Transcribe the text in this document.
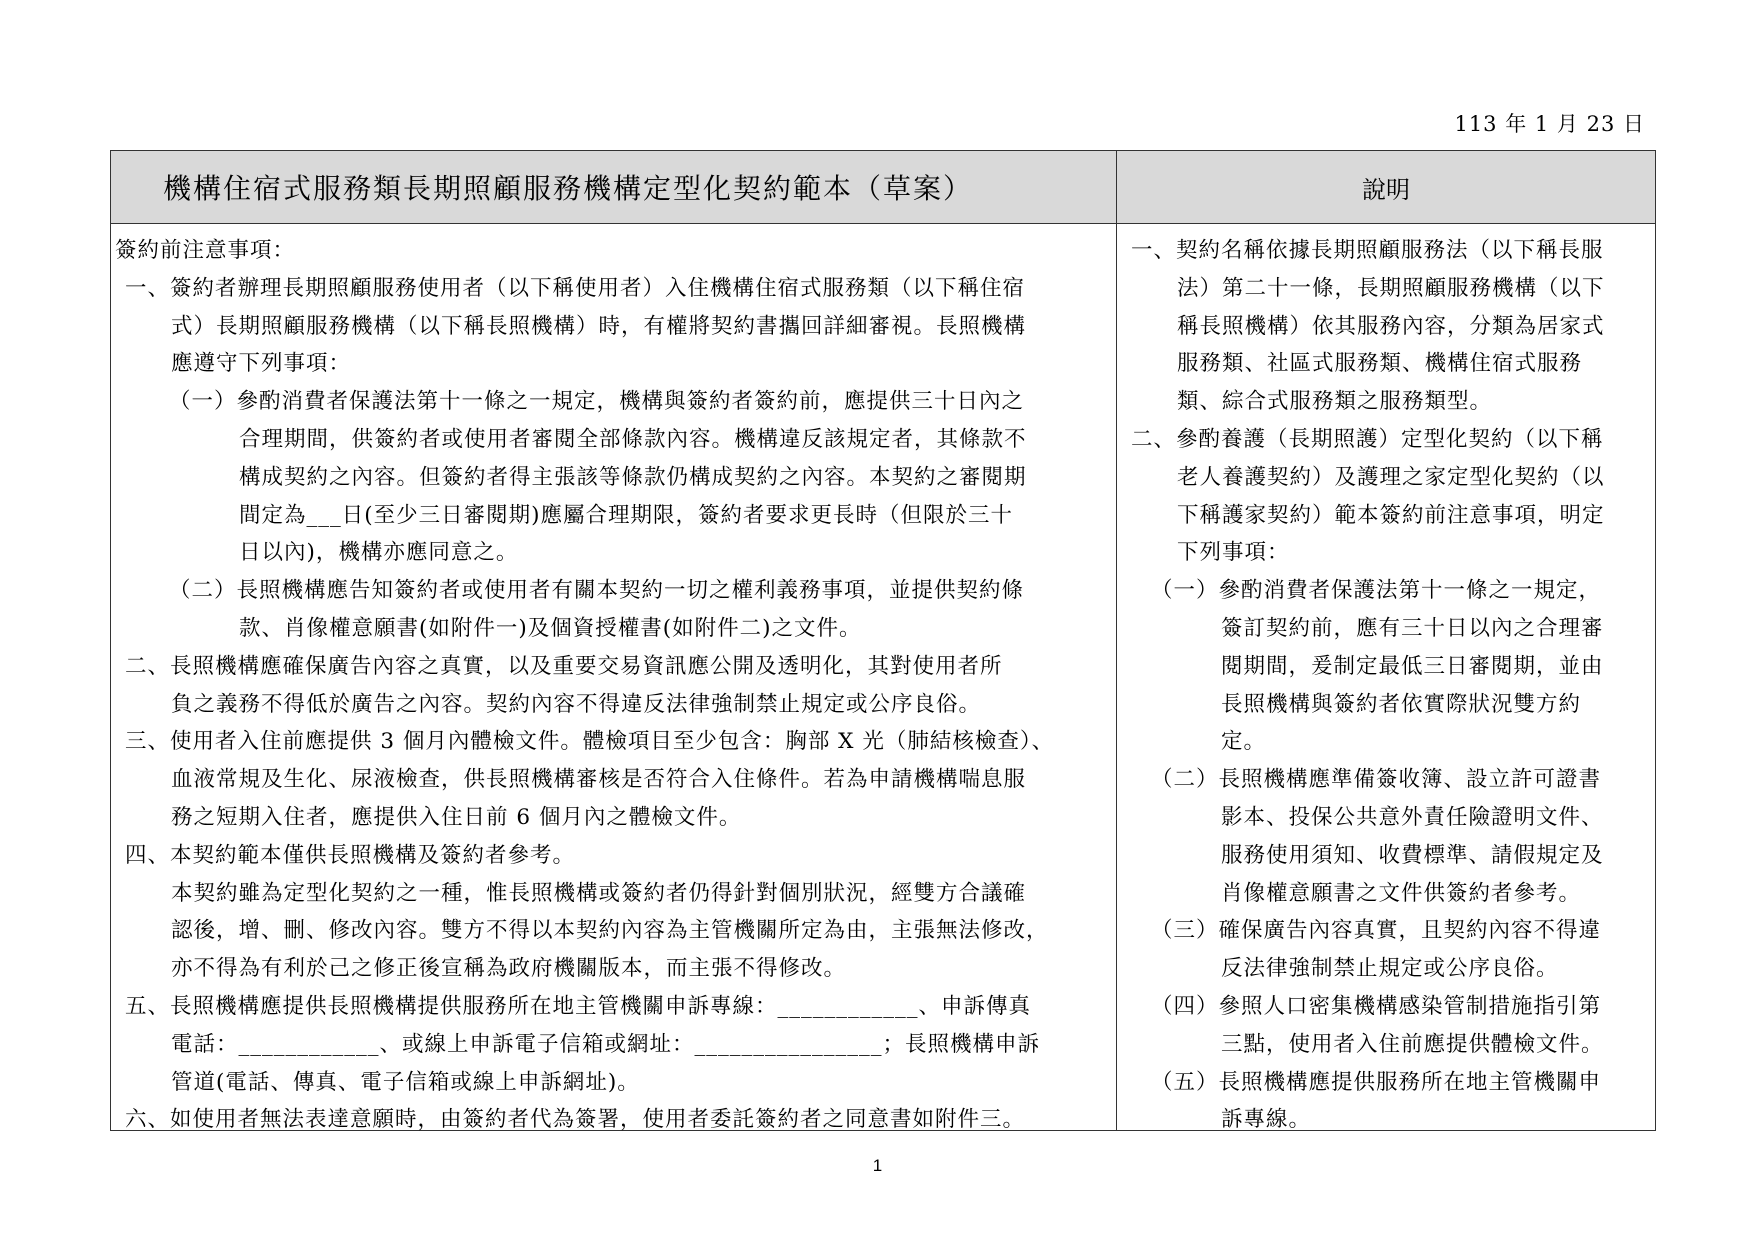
113 年 1 月 23 日
機構住宿式服務類長期照顧服務機構定型化契約範本（草案）	說明
簽約前注意事項：
一、簽約者辦理長期照顧服務使用者（以下稱使用者）入住機構住宿式服務類（以下稱住宿
式）長期照顧服務機構（以下稱長照機構）時，有權將契約書攜回詳細審視。長照機構
應遵守下列事項：
（一）參酌消費者保護法第十一條之一規定，機構與簽約者簽約前，應提供三十日內之
合理期間，供簽約者或使用者審閱全部條款內容。機構違反該規定者，其條款不
構成契約之內容。但簽約者得主張該等條款仍構成契約之內容。本契約之審閱期
間定為___日(至少三日審閱期)應屬合理期限，簽約者要求更長時（但限於三十
日以內)，機構亦應同意之。
（二）長照機構應告知簽約者或使用者有關本契約一切之權利義務事項，並提供契約條
款、肖像權意願書(如附件一)及個資授權書(如附件二)之文件。
二、長照機構應確保廣告內容之真實，以及重要交易資訊應公開及透明化，其對使用者所
負之義務不得低於廣告之內容。契約內容不得違反法律強制禁止規定或公序良俗。
三、使用者入住前應提供 3 個月內體檢文件。體檢項目至少包含：胸部 X 光（肺結核檢查）、
血液常規及生化、尿液檢查，供長照機構審核是否符合入住條件。若為申請機構喘息服
務之短期入住者，應提供入住日前 6 個月內之體檢文件。
四、本契約範本僅供長照機構及簽約者參考。
本契約雖為定型化契約之一種，惟長照機構或簽約者仍得針對個別狀況，經雙方合議確
認後，增、刪、修改內容。雙方不得以本契約內容為主管機關所定為由，主張無法修改，
亦不得為有利於己之修正後宣稱為政府機關版本，而主張不得修改。
五、長照機構應提供長照機構提供服務所在地主管機關申訴專線：____________、申訴傳真
電話：____________、或線上申訴電子信箱或網址：________________；長照機構申訴
管道(電話、傳真、電子信箱或線上申訴網址)。
六、如使用者無法表達意願時，由簽約者代為簽署，使用者委託簽約者之同意書如附件三。
一、契約名稱依據長期照顧服務法（以下稱長服
法）第二十一條，長期照顧服務機構（以下
稱長照機構）依其服務內容，分類為居家式
服務類、社區式服務類、機構住宿式服務
類、綜合式服務類之服務類型。
二、參酌養護（長期照護）定型化契約（以下稱
老人養護契約）及護理之家定型化契約（以
下稱護家契約）範本簽約前注意事項，明定
下列事項：
（一）參酌消費者保護法第十一條之一規定，
簽訂契約前，應有三十日以內之合理審
閱期間，爰制定最低三日審閱期，並由
長照機構與簽約者依實際狀況雙方約
定。
（二）長照機構應準備簽收簿、設立許可證書
影本、投保公共意外責任險證明文件、
服務使用須知、收費標準、請假規定及
肖像權意願書之文件供簽約者參考。
（三）確保廣告內容真實，且契約內容不得違
反法律強制禁止規定或公序良俗。
（四）參照人口密集機構感染管制措施指引第
三點，使用者入住前應提供體檢文件。
（五）長照機構應提供服務所在地主管機關申
訴專線。
1
